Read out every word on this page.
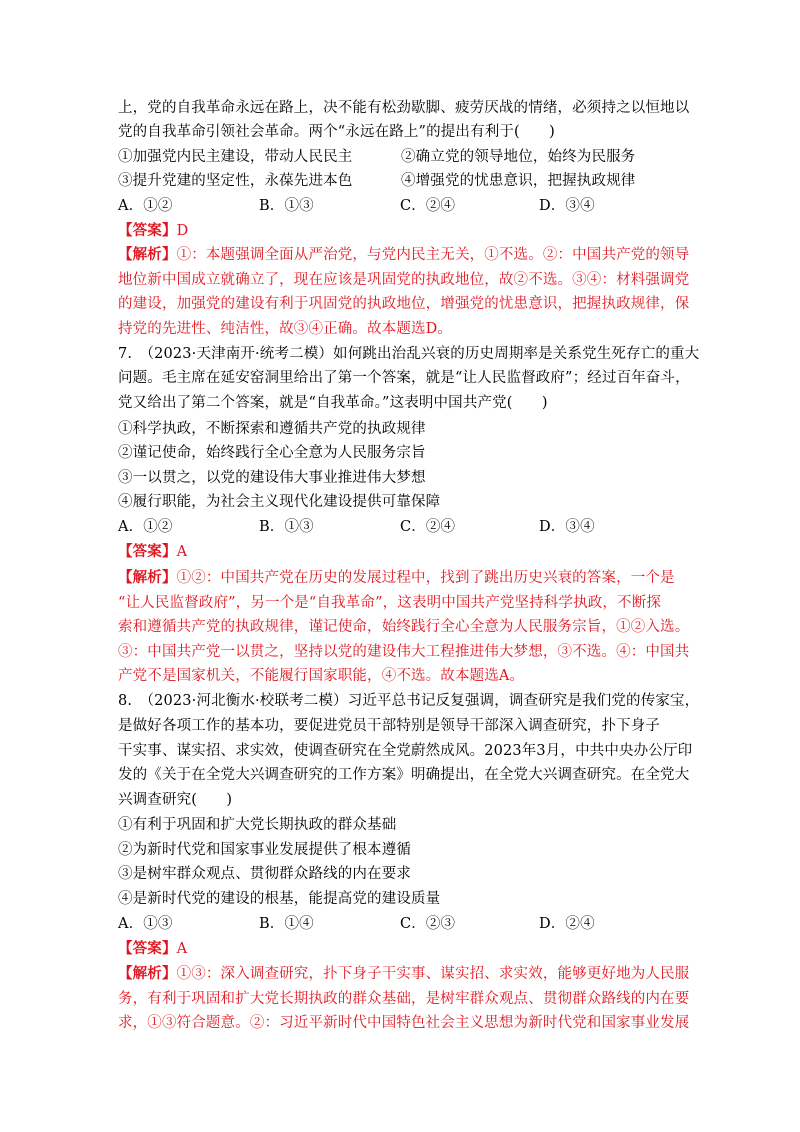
上，党的自我革命永远在路上，决不能有松劲歇脚、疲劳厌战的情绪，必须持之以恒地以
党的自我革命引领社会革命。两个“永远在路上”的提出有利于(　　)
①加强党内民主建设，带动人民民主	②确立党的领导地位，始终为民服务
③提升党建的坚定性，永葆先进本色	④增强党的忧患意识，把握执政规律
A．①②	B．①③	C．②④	D．③④
【答案】D
【解析】①：本题强调全面从严治党，与党内民主无关，①不选。②：中国共产党的领导
地位新中国成立就确立了，现在应该是巩固党的执政地位，故②不选。③④：材料强调党
的建设，加强党的建设有利于巩固党的执政地位，增强党的忧患意识，把握执政规律，保
持党的先进性、纯洁性，故③④正确。故本题选D。
7.　（2023·天津南开·统考二模）如何跳出治乱兴衰的历史周期率是关系党生死存亡的重大
问题。毛主席在延安窑洞里给出了第一个答案，就是“让人民监督政府”；经过百年奋斗，
党又给出了第二个答案，就是“自我革命。”这表明中国共产党(　　)
①科学执政，不断探索和遵循共产党的执政规律
②谨记使命，始终践行全心全意为人民服务宗旨
③一以贯之，以党的建设伟大事业推进伟大梦想
④履行职能，为社会主义现代化建设提供可靠保障
A．①②	B．①③	C．②④	D．③④
【答案】A
【解析】①②：中国共产党在历史的发展过程中，找到了跳出历史兴衰的答案，一个是
“让人民监督政府”，另一个是“自我革命”，这表明中国共产党坚持科学执政，不断探
索和遵循共产党的执政规律，谨记使命，始终践行全心全意为人民服务宗旨，①②入选。
③：中国共产党一以贯之，坚持以党的建设伟大工程推进伟大梦想，③不选。④：中国共
产党不是国家机关，不能履行国家职能，④不选。故本题选A。
8.　（2023·河北衡水·校联考二模）习近平总书记反复强调，调查研究是我们党的传家宝，
是做好各项工作的基本功，要促进党员干部特别是领导干部深入调查研究，扑下身子
干实事、谋实招、求实效，使调查研究在全党蔚然成风。2023年3月，中共中央办公厅印
发的《关于在全党大兴调查研究的工作方案》明确提出，在全党大兴调查研究。在全党大
兴调查研究(　　)
①有利于巩固和扩大党长期执政的群众基础
②为新时代党和国家事业发展提供了根本遵循
③是树牢群众观点、贯彻群众路线的内在要求
④是新时代党的建设的根基，能提高党的建设质量
A．①③	B．①④	C．②③	D．②④
【答案】A
【解析】①③：深入调查研究，扑下身子干实事、谋实招、求实效，能够更好地为人民服
务，有利于巩固和扩大党长期执政的群众基础，是树牢群众观点、贯彻群众路线的内在要
求，①③符合题意。②：习近平新时代中国特色社会主义思想为新时代党和国家事业发展
